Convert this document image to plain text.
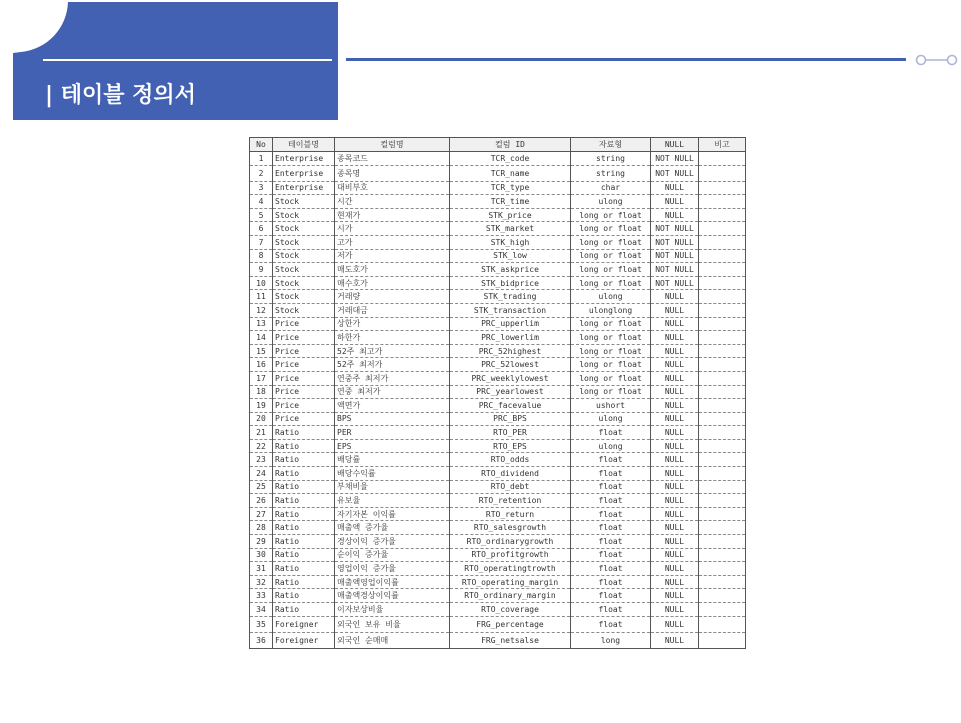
| 테이블 정의서
No	테이블명	컬럼명	컬럼 ID	자료형	NULL	비고
1	Enterprise	종목코드	TCR_code	string	NOT NULL	
2	Enterprise	종목명	TCR_name	string	NOT NULL	
3	Enterprise	대비부호	TCR_type	char	NULL	
4	Stock	시간	TCR_time	ulong	NULL	
5	Stock	현재가	STK_price	long or float	NULL	
6	Stock	시가	STK_market	long or float	NOT NULL	
7	Stock	고가	STK_high	long or float	NOT NULL	
8	Stock	저가	STK_low	long or float	NOT NULL	
9	Stock	매도호가	STK_askprice	long or float	NOT NULL	
10	Stock	매수호가	STK_bidprice	long or float	NOT NULL	
11	Stock	거래량	STK_trading	ulong	NULL	
12	Stock	거래대금	STK_transaction	ulonglong	NULL	
13	Price	상한가	PRC_upperlim	long or float	NULL	
14	Price	하한가	PRC_lowerlim	long or float	NULL	
15	Price	52주 최고가	PRC_52highest	long or float	NULL	
16	Price	52주 최저가	PRC_52lowest	long or float	NULL	
17	Price	연중주 최저가	PRC_weeklylowest	long or float	NULL	
18	Price	연중 최저가	PRC_yearlowest	long or float	NULL	
19	Price	액면가	PRC_facevalue	ushort	NULL	
20	Price	BPS	PRC_BPS	ulong	NULL	
21	Ratio	PER	RTO_PER	float	NULL	
22	Ratio	EPS	RTO_EPS	ulong	NULL	
23	Ratio	배당률	RTO_odds	float	NULL	
24	Ratio	배당수익률	RTO_dividend	float	NULL	
25	Ratio	부채비율	RTO_debt	float	NULL	
26	Ratio	유보율	RTO_retention	float	NULL	
27	Ratio	자기자본 이익률	RTO_return	float	NULL	
28	Ratio	매출액 증가율	RTO_salesgrowth	float	NULL	
29	Ratio	경상이익 증가율	RTO_ordinarygrowth	float	NULL	
30	Ratio	순이익 증가율	RTO_profitgrowth	float	NULL	
31	Ratio	영업이익 증가율	RTO_operatingtrowth	float	NULL	
32	Ratio	매출액영업이익률	RTO_operating_margin	float	NULL	
33	Ratio	매출액경상이익률	RTO_ordinary_margin	float	NULL	
34	Ratio	이자보상비율	RTO_coverage	float	NULL	
35	Foreigner	외국인 보유 비율	FRG_percentage	float	NULL	
36	Foreigner	외국인 순매매	FRG_netsalse	long	NULL	
